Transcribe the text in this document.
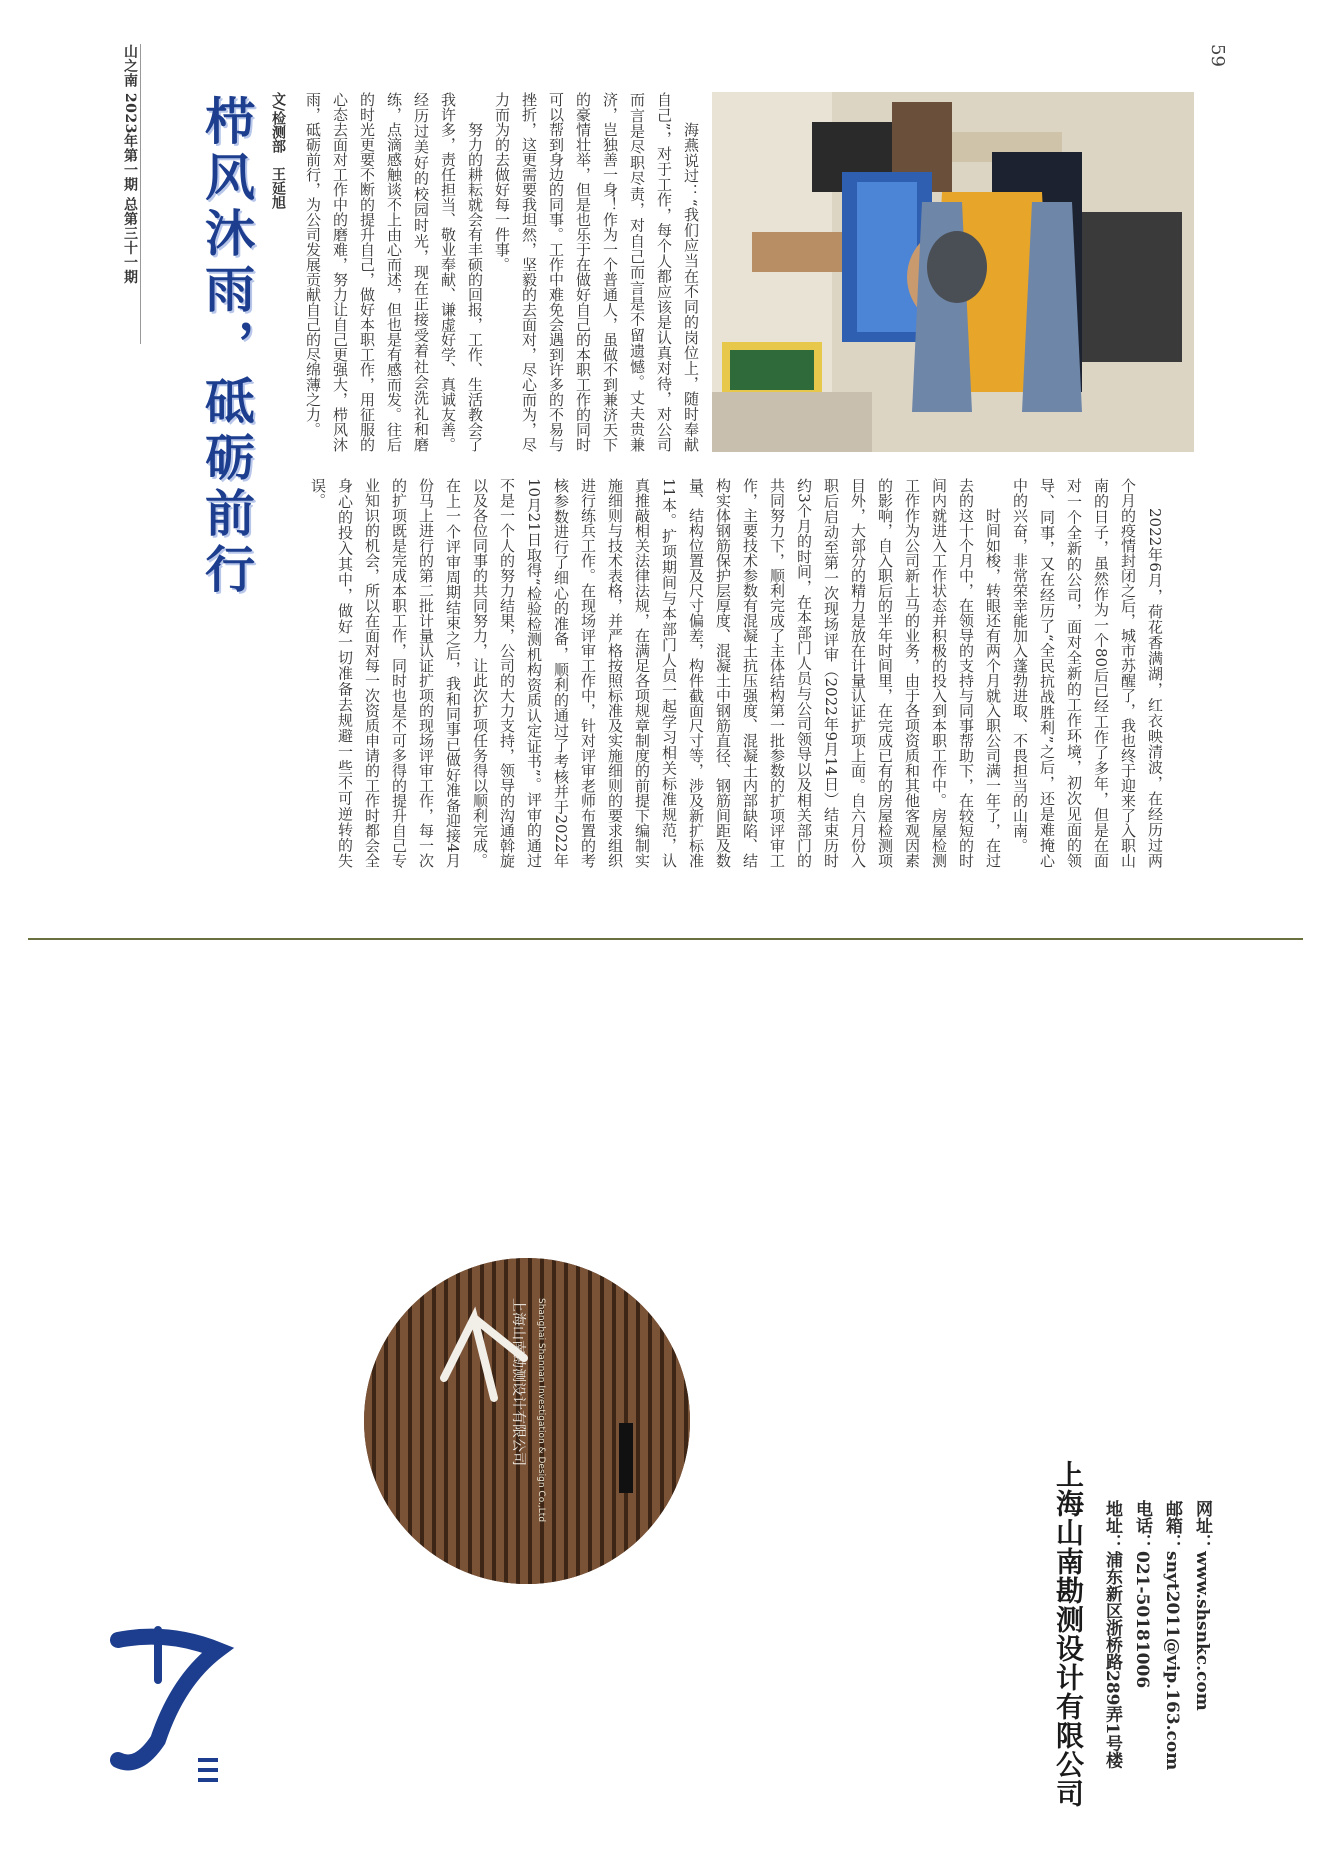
山之南 2023年第一期 总第三十一期	59
栉风沐雨，砥砺前行	文/检测部　王延旭	海燕说过：“我们应当在不同的岗位上，随时奉献自己”，对于工作，每个人都应该是认真对待，对公司而言是尽职尽责，对自己而言是不留遗憾。丈夫贵兼济，岂独善一身！作为一个普通人，虽做不到兼济天下的豪情壮举，但是也乐于在做好自己的本职工作的同时可以帮到身边的同事。工作中难免会遇到许多的不易与挫折，这更需要我坦然，坚毅的去面对，尽心而为，尽力而为的去做好每一件事。

努力的耕耘就会有丰硕的回报，工作、生活教会了我许多，责任担当、敬业奉献、谦虚好学、真诚友善。经历过美好的校园时光，现在正接受着社会洗礼和磨练，点滴感触谈不上由心而述，但也是有感而发。往后的时光更要不断的提升自己，做好本职工作，用征服的心态去面对工作中的磨难，努力让自己更强大，栉风沐雨，砥砺前行，为公司发展贡献自己的尽绵薄之力。

2022年6月，荷花香满湖，红衣映清波，在经历过两个月的疫情封闭之后，城市苏醒了，我也终于迎来了入职山南的日子，虽然作为一个80后已经工作了多年，但是在面对一个全新的公司，面对全新的工作环境，初次见面的领导、同事，又在经历了“全民抗战胜利”之后，还是难掩心中的兴奋，非常荣幸能加入蓬勃进取、不畏担当的山南。

时间如梭，转眼还有两个月就入职公司满一年了，在过去的这十个月中，在领导的支持与同事帮助下，在较短的时间内就进入工作状态并积极的投入到本职工作中。房屋检测工作作为公司新上马的业务，由于各项资质和其他客观因素的影响，自入职后的半年时间里，在完成已有的房屋检测项目外，大部分的精力是放在计量认证扩项上面。自六月份入职后启动至第一次现场评审（2022年9月14日）结束历时约3个月的时间，在本部门人员与公司领导以及相关部门的共同努力下，顺利完成了主体结构第一批参数的扩项评审工作，主要技术参数有混凝土抗压强度、混凝土内部缺陷、结构实体钢筋保护层厚度、混凝土中钢筋直径、钢筋间距及数量、结构位置及尺寸偏差，构件截面尺寸等，涉及新扩标准11本。扩项期间与本部门人员一起学习相关标准规范，认真推敲相关法律法规，在满足各项规章制度的前提下编制实施细则与技术表格，并严格按照标准及实施细则的要求组织进行练兵工作。在现场评审工作中，针对评审老师布置的考核参数进行了细心的准备，顺利的通过了考核并于2022年10月21日取得“检验检测机构资质认定证书”。评审的通过不是一个人的努力结果，公司的大力支持，领导的沟通斡旋以及各位同事的共同努力，让此次扩项任务得以顺利完成。在上一个评审周期结束之后，我和同事已做好准备迎接4月份马上进行的第二批计量认证扩项的现场评审工作，每一次的扩项既是完成本职工作，同时也是不可多得的提升自己专业知识的机会，所以在面对每一次资质申请的工作时都会全身心的投入其中，做好一切准备去规避一些不可逆转的失误。

上海山南勘测设计有限公司 Shanghai Shannan Investigation & Design Co.,Ltd
上海山南勘测设计有限公司 地址：浦东新区浙桥路289弄1号楼 电话：021-50181006 邮箱：snyt2011@vip.163.com 网址：www.shsnkc.com
